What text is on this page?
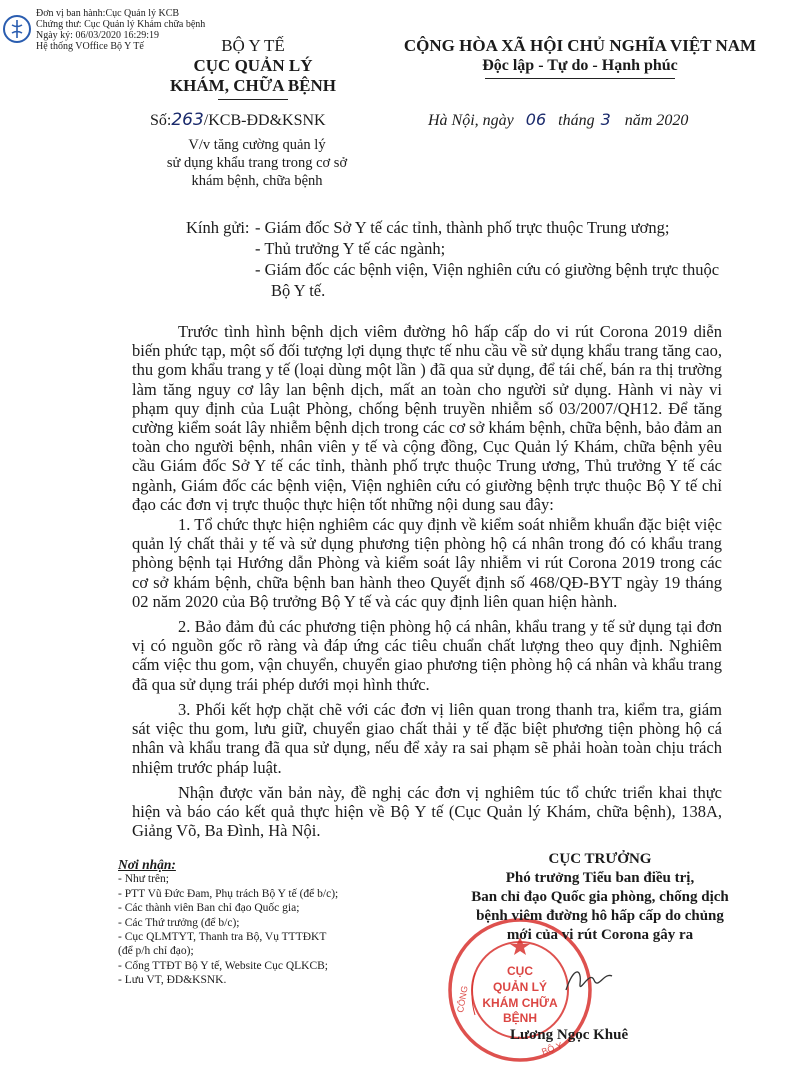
Đơn vị ban hành:Cục Quản lý KCB
Chứng thư: Cục Quản lý Khám chữa bệnh
Ngày ký: 06/03/2020 16:29:19
Hệ thống VOffice Bộ Y Tế	BỘ Y TẾ
CỤC QUẢN LÝ
KHÁM, CHỮA BỆNH
CỘNG HÒA XÃ HỘI CHỦ NGHĨA VIỆT NAM
Độc lập - Tự do - Hạnh phúc
Số:263/KCB-ĐD&KSNK	Hà Nội, ngày 06 tháng 3 năm 2020
V/v tăng cường quản lý
sử dụng khẩu trang trong cơ sở
khám bệnh, chữa bệnh
Kính gửi: - Giám đốc Sở Y tế các tỉnh, thành phố trực thuộc Trung ương;
- Thủ trưởng Y tế các ngành;
- Giám đốc các bệnh viện, Viện nghiên cứu có giường bệnh trực thuộc
Bộ Y tế.
Trước tình hình bệnh dịch viêm đường hô hấp cấp do vi rút Corona 2019 diễn biến phức tạp, một số đối tượng lợi dụng thực tế nhu cầu về sử dụng khẩu trang tăng cao, thu gom khẩu trang y tế (loại dùng một lần ) đã qua sử dụng, để tái chế, bán ra thị trường làm tăng nguy cơ lây lan bệnh dịch, mất an toàn cho người sử dụng. Hành vi này vi phạm quy định của Luật Phòng, chống bệnh truyền nhiễm số 03/2007/QH12. Để tăng cường kiểm soát lây nhiễm bệnh dịch trong các cơ sở khám bệnh, chữa bệnh, bảo đảm an toàn cho người bệnh, nhân viên y tế và cộng đồng, Cục Quản lý Khám, chữa bệnh yêu cầu Giám đốc Sở Y tế các tỉnh, thành phố trực thuộc Trung ương, Thủ trưởng Y tế các ngành, Giám đốc các bệnh viện, Viện nghiên cứu có giường bệnh trực thuộc Bộ Y tế chỉ đạo các đơn vị trực thuộc thực hiện tốt những nội dung sau đây:
1. Tổ chức thực hiện nghiêm các quy định về kiểm soát nhiễm khuẩn đặc biệt việc quản lý chất thải y tế và sử dụng phương tiện phòng hộ cá nhân trong đó có khẩu trang phòng bệnh tại Hướng dẫn Phòng và kiểm soát lây nhiễm vi rút Corona 2019 trong các cơ sở khám bệnh, chữa bệnh ban hành theo Quyết định số 468/QĐ-BYT ngày 19 tháng 02 năm 2020 của Bộ trưởng Bộ Y tế và các quy định liên quan hiện hành.
2. Bảo đảm đủ các phương tiện phòng hộ cá nhân, khẩu trang y tế sử dụng tại đơn vị có nguồn gốc rõ ràng và đáp ứng các tiêu chuẩn chất lượng theo quy định. Nghiêm cấm việc thu gom, vận chuyển, chuyển giao phương tiện phòng hộ cá nhân và khẩu trang đã qua sử dụng trái phép dưới mọi hình thức.
3. Phối kết hợp chặt chẽ với các đơn vị liên quan trong thanh tra, kiểm tra, giám sát việc thu gom, lưu giữ, chuyển giao chất thải y tế đặc biệt phương tiện phòng hộ cá nhân và khẩu trang đã qua sử dụng, nếu để xảy ra sai phạm sẽ phải hoàn toàn chịu trách nhiệm trước pháp luật.
Nhận được văn bản này, đề nghị các đơn vị nghiêm túc tổ chức triển khai thực hiện và báo cáo kết quả thực hiện về Bộ Y tế (Cục Quản lý Khám, chữa bệnh), 138A, Giảng Võ, Ba Đình, Hà Nội.
Nơi nhận:
- Như trên;
- PTT Vũ Đức Đam, Phụ trách Bộ Y tế (để b/c);
- Các thành viên Ban chỉ đạo Quốc gia;
- Các Thứ trưởng (để b/c);
- Cục QLMTYT, Thanh tra Bộ, Vụ TTTĐKT
(để p/h chỉ đạo);
- Cổng TTĐT Bộ Y tế, Website Cục QLKCB;
- Lưu VT, ĐD&KSNK.
CỤC
QUẢN LÝ
KHÁM CHỮA
BỆNH
CÔNG
BỘ Y
CỤC TRƯỞNG
Phó trưởng Tiểu ban điều trị,
Ban chỉ đạo Quốc gia phòng, chống dịch
bệnh viêm đường hô hấp cấp do chủng
mới của vi rút Corona gây ra
Lương Ngọc Khuê
